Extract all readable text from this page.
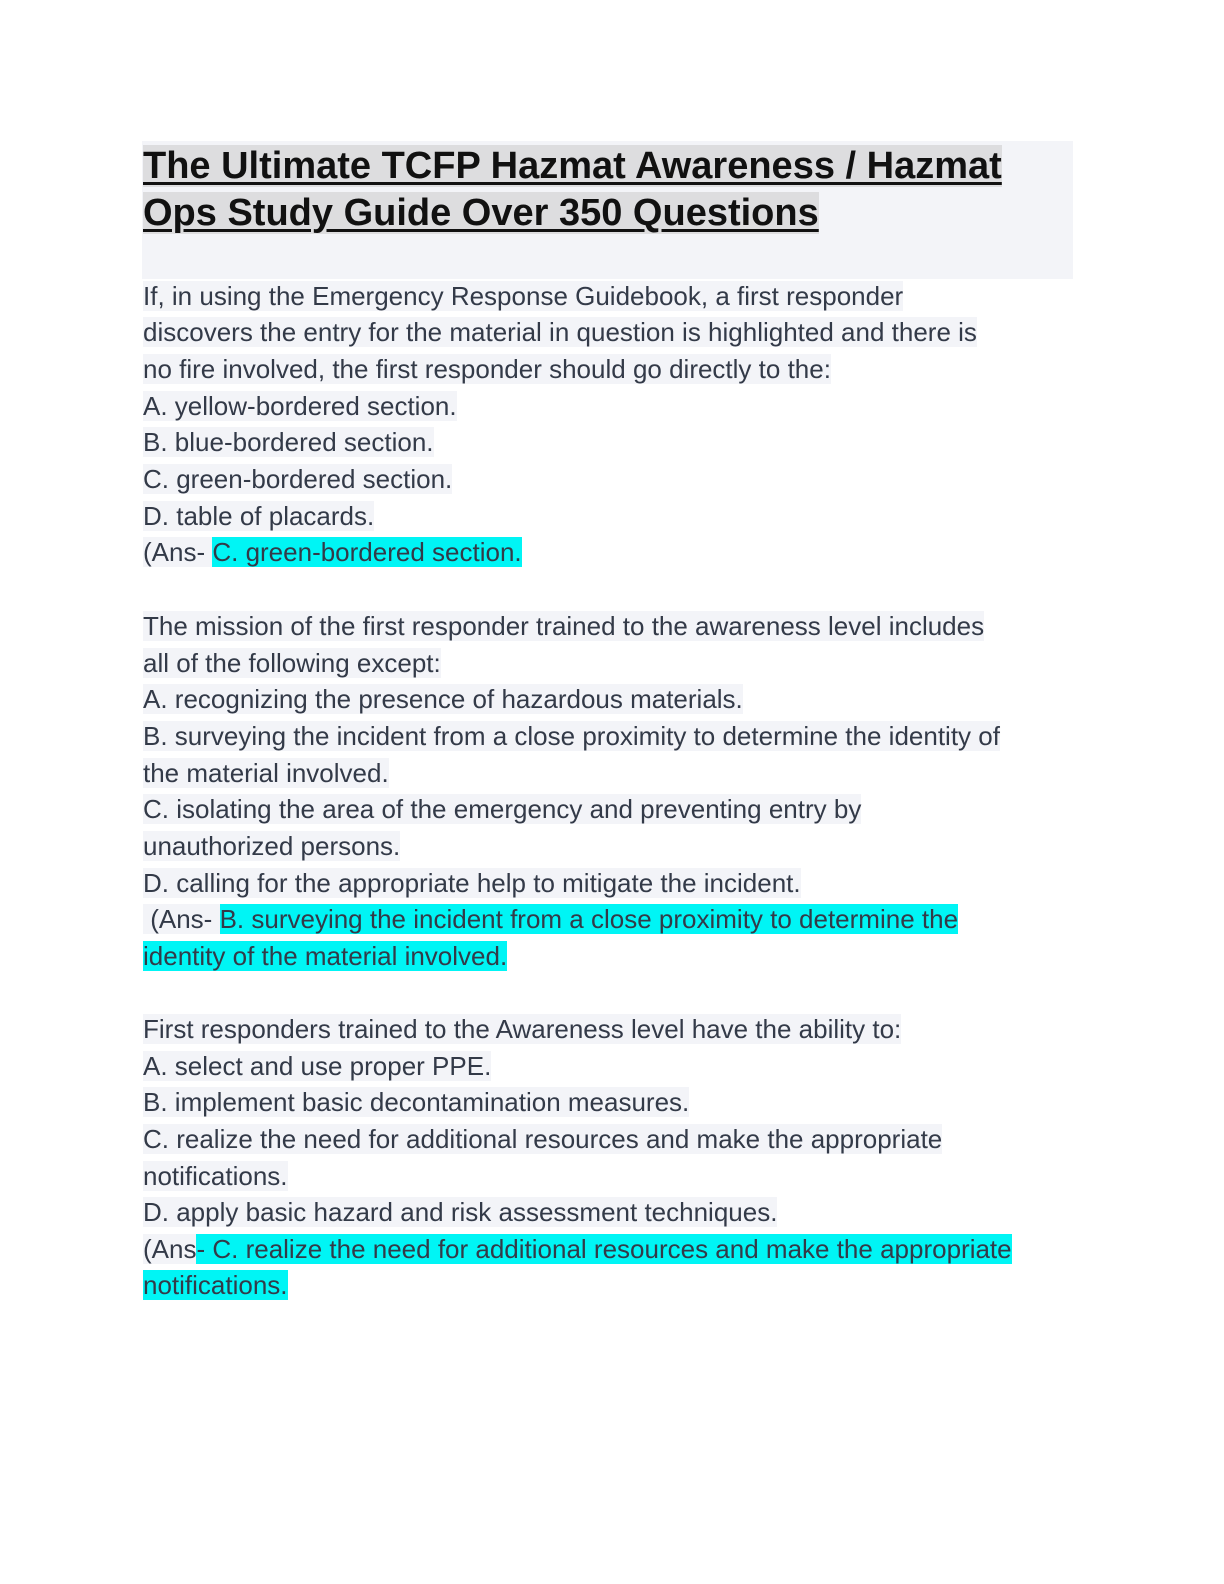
The Ultimate TCFP Hazmat Awareness / Hazmat
Ops Study Guide Over 350 Questions
If, in using the Emergency Response Guidebook, a first responder
discovers the entry for the material in question is highlighted and there is
no fire involved, the first responder should go directly to the:
A. yellow-bordered section.
B. blue-bordered section.
C. green-bordered section.
D. table of placards.
(Ans- C. green-bordered section.
The mission of the first responder trained to the awareness level includes
all of the following except:
A. recognizing the presence of hazardous materials.
B. surveying the incident from a close proximity to determine the identity of
the material involved.
C. isolating the area of the emergency and preventing entry by
unauthorized persons.
D. calling for the appropriate help to mitigate the incident.
(Ans- B. surveying the incident from a close proximity to determine the
identity of the material involved.
First responders trained to the Awareness level have the ability to:
A. select and use proper PPE.
B. implement basic decontamination measures.
C. realize the need for additional resources and make the appropriate
notifications.
D. apply basic hazard and risk assessment techniques.
(Ans- C. realize the need for additional resources and make the appropriate
notifications.
